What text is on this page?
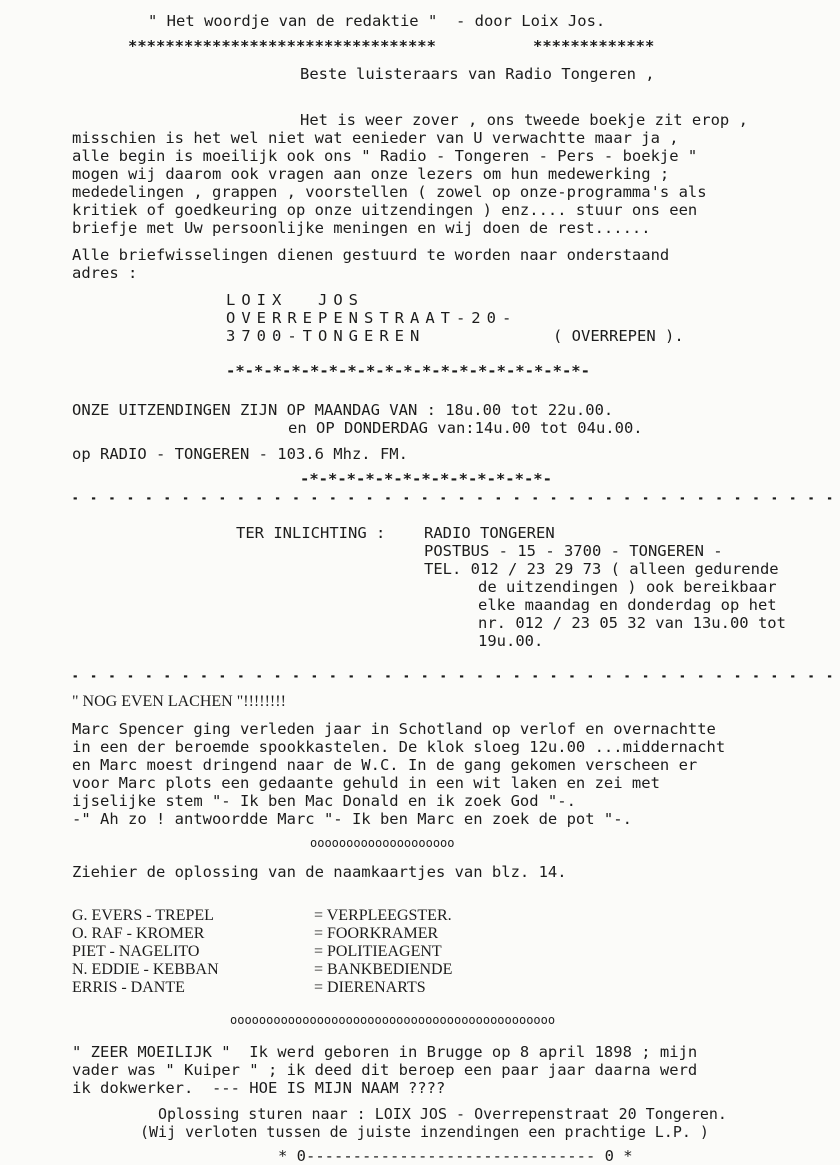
" Het woordje van de redaktie "  - door Loix Jos.
*********************************	*************
Beste luisteraars van Radio Tongeren ,
Het is weer zover , ons tweede boekje zit erop ,
misschien is het wel niet wat eenieder van U verwachtte maar ja ,
alle begin is moeilijk ook ons " Radio - Tongeren - Pers - boekje "
mogen wij daarom ook vragen aan onze lezers om hun medewerking ;
mededelingen , grappen , voorstellen ( zowel op onze-programma's als
kritiek of goedkeuring op onze uitzendingen ) enz.... stuur ons een
briefje met Uw persoonlijke meningen en wij doen de rest......
Alle briefwisselingen dienen gestuurd te worden naar onderstaand
adres :
LOIX  JOS
OVERREPENSTRAAT-20-
3700-TONGEREN	( OVERREPEN ).
-*-*-*-*-*-*-*-*-*-*-*-*-*-*-*-*-*-*-*-
ONZE UITZENDINGEN ZIJN OP MAANDAG VAN : 18u.00 tot 22u.00.
en OP DONDERDAG van:14u.00 tot 04u.00.
op RADIO - TONGEREN - 103.6 Mhz. FM.
-*-*-*-*-*-*-*-*-*-*-*-*-*-
- - - - - - - - - - - - - - - - - - - - - - - - - - - - - - - - - - - - - - - - - -
TER INLICHTING : RADIO TONGEREN
POSTBUS - 15 - 3700 - TONGEREN -
TEL. 012 / 23 29 73 ( alleen gedurende
de uitzendingen ) ook bereikbaar
elke maandag en donderdag op het
nr. 012 / 23 05 32 van 13u.00 tot
19u.00.
- - - - - - - - - - - - - - - - - - - - - - - - - - - - - - - - - - - - - - - - - -
" NOG EVEN LACHEN "!!!!!!!!
Marc Spencer ging verleden jaar in Schotland op verlof en overnachtte
in een der beroemde spookkastelen. De klok sloeg 12u.00 ...middernacht
en Marc moest dringend naar de W.C. In de gang gekomen verscheen er
voor Marc plots een gedaante gehuld in een wit laken en zei met
ijselijke stem "- Ik ben Mac Donald en ik zoek God "-.
-" Ah zo ! antwoordde Marc "- Ik ben Marc en zoek de pot "-.
oooooooooooooooooooo
Ziehier de oplossing van de naamkaartjes van blz. 14.
G. EVERS - TREPEL	= VERPLEEGSTER.
O. RAF - KROMER	= FOORKRAMER
PIET - NAGELITO	= POLITIEAGENT
N. EDDIE - KEBBAN	= BANKBEDIENDE
ERRIS - DANTE	= DIERENARTS
ooooooooooooooooooooooooooooooooooooooooooooo
" ZEER MOEILIJK "  Ik werd geboren in Brugge op 8 april 1898 ; mijn
vader was " Kuiper " ; ik deed dit beroep een paar jaar daarna werd
ik dokwerker.  --- HOE IS MIJN NAAM ????
Oplossing sturen naar : LOIX JOS - Overrepenstraat 20 Tongeren.
(Wij verloten tussen de juiste inzendingen een prachtige L.P. )
* 0------------------------------- 0 *
